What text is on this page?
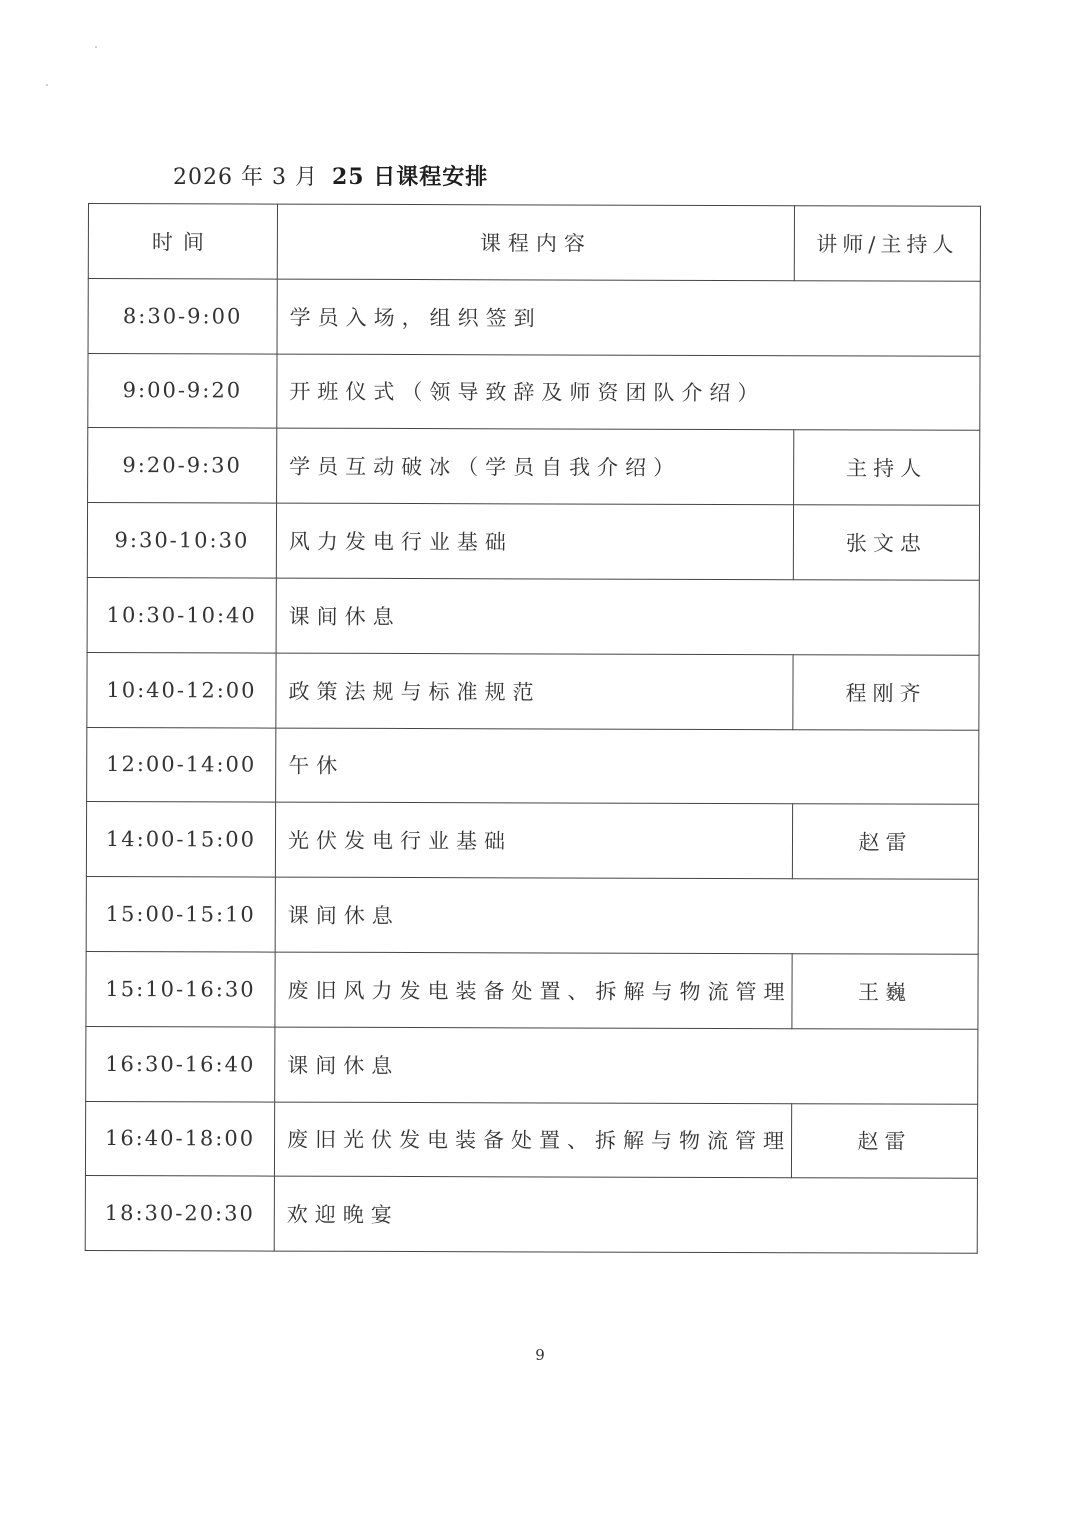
2026 年 3 月 25 日课程安排
时间	课程内容	讲师/主持人
8:30-9:00	学员入场，组织签到	
9:00-9:20	开班仪式（领导致辞及师资团队介绍）	
9:20-9:30	学员互动破冰（学员自我介绍）	主持人
9:30-10:30	风力发电行业基础	张文忠
10:30-10:40	课间休息	
10:40-12:00	政策法规与标准规范	程刚齐
12:00-14:00	午休	
14:00-15:00	光伏发电行业基础	赵雷
15:00-15:10	课间休息	
15:10-16:30	废旧风力发电装备处置、拆解与物流管理	王巍
16:30-16:40	课间休息	
16:40-18:00	废旧光伏发电装备处置、拆解与物流管理	赵雷
18:30-20:30	欢迎晚宴	
9
